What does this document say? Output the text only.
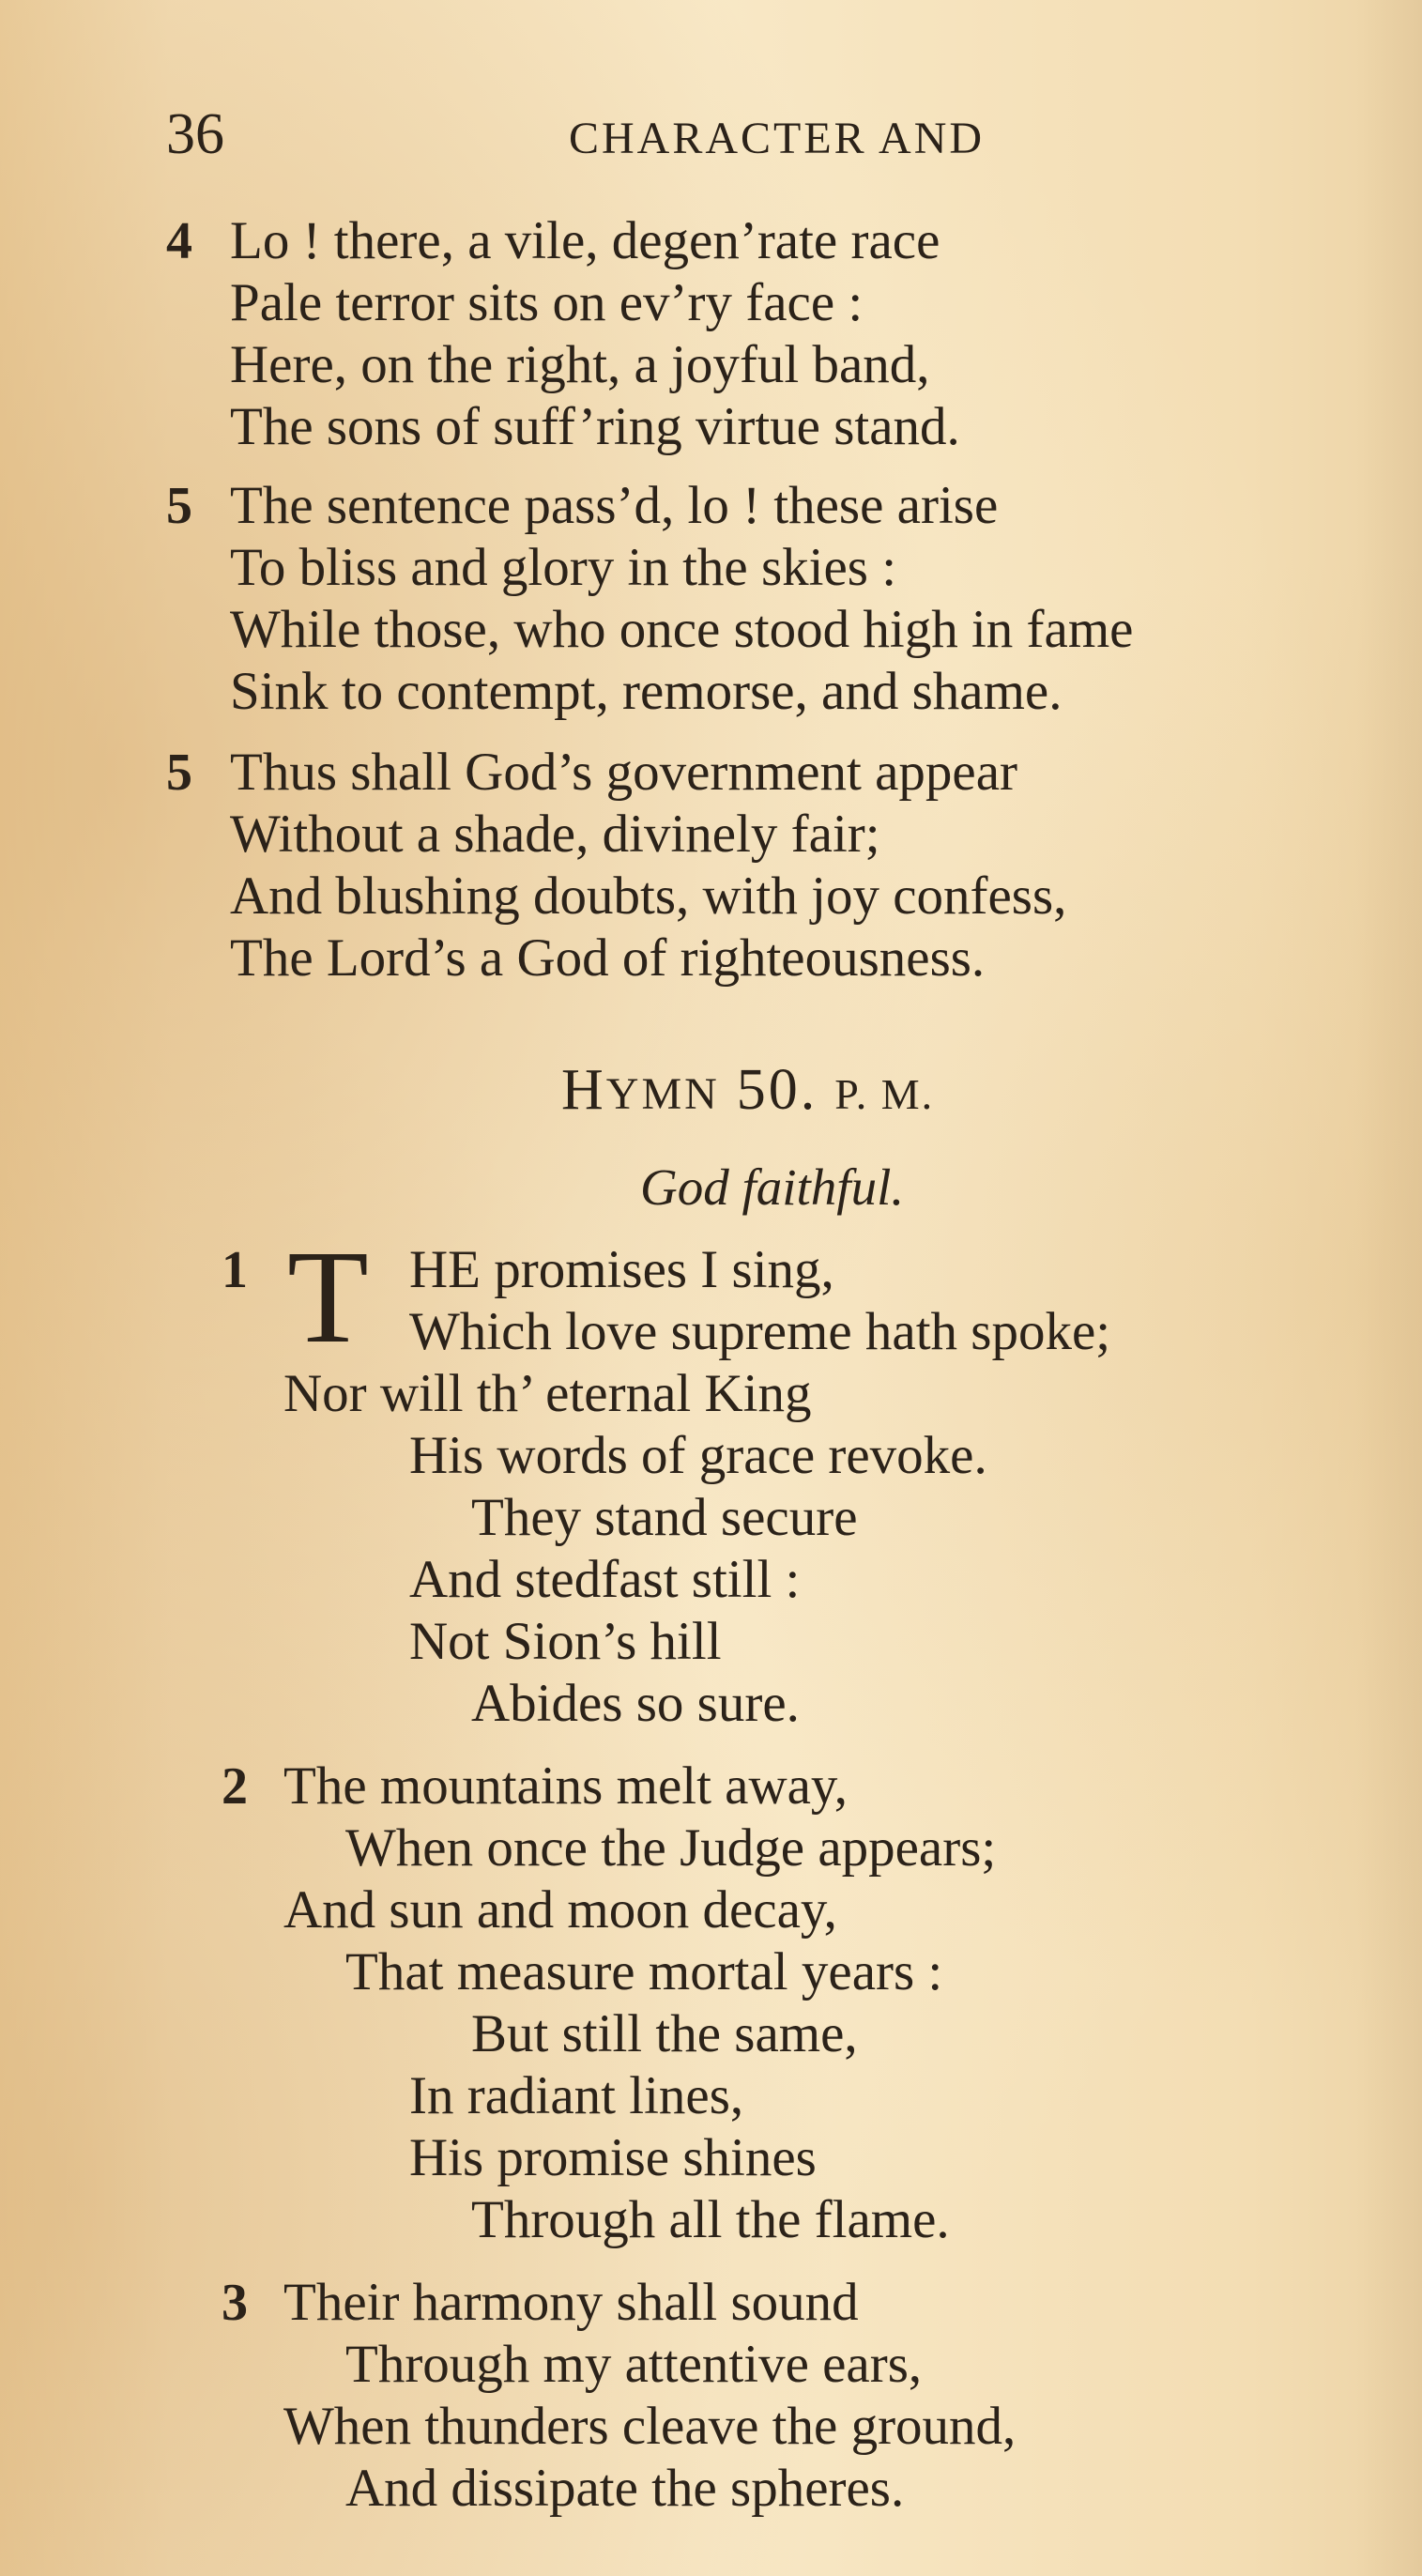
36	CHARACTER AND
4 Lo ! there, a vile, degen’rate race
Pale terror sits on ev’ry face :
Here, on the right, a joyful band,
The sons of suff’ring virtue stand.
5 The sentence pass’d, lo ! these arise
To bliss and glory in the skies :
While those, who once stood high in fame
Sink to contempt, remorse, and shame.
5 Thus shall God’s government appear
Without a shade, divinely fair;
And blushing doubts, with joy confess,
The Lord’s a God of righteousness.
HYMN 50. P. M.
God faithful.
1 T HE promises I sing,
Which love supreme hath spoke;
Nor will th’ eternal King
His words of grace revoke.
They stand secure
And stedfast still :
Not Sion’s hill
Abides so sure.
2 The mountains melt away,
When once the Judge appears;
And sun and moon decay,
That measure mortal years :
But still the same,
In radiant lines,
His promise shines
Through all the flame.
3 Their harmony shall sound
Through my attentive ears,
When thunders cleave the ground,
And dissipate the spheres.
